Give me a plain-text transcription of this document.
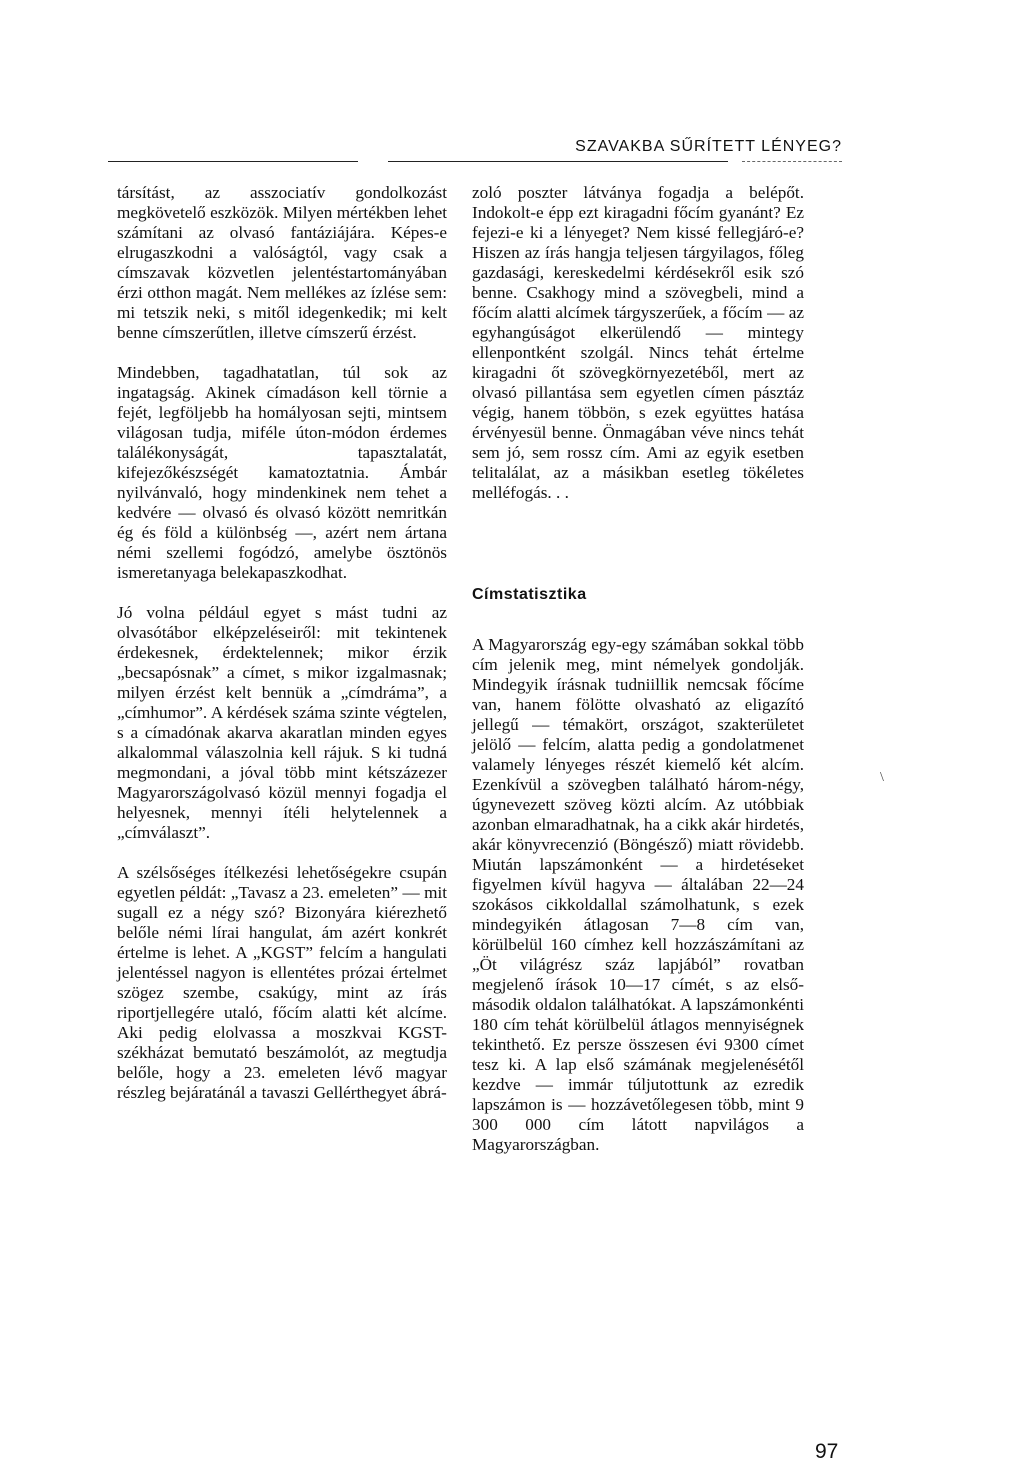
SZAVAKBA SŰRÍTETT LÉNYEG?

társítást, az asszociatív gondolkozást megkövetelő eszközök. Milyen mértékben lehet számítani az olvasó fantáziájára. Képes-e elrugaszkodni a valóságtól, vagy csak a címszavak közvetlen jelentéstartományában érzi otthon magát. Nem mellékes az ízlése sem: mi tetszik neki, s mitől idegenkedik; mi kelt benne címszerűtlen, illetve címszerű érzést.

Mindebben, tagadhatatlan, túl sok az ingatagság. Akinek címadáson kell törnie a fejét, legföljebb ha homályosan sejti, mintsem világosan tudja, miféle úton-módon érdemes találékonyságát, tapasztalatát, kifejezőkészségét kamatoztatnia. Ámbár nyilvánvaló, hogy mindenkinek nem tehet a kedvére — olvasó és olvasó között nemritkán ég és föld a különbség —, azért nem ártana némi szellemi fogódzó, amelybe ösztönös ismeretanyaga belekapaszkodhat.

Jó volna például egyet s mást tudni az olvasótábor elképzeléseiről: mit tekintenek érdekesnek, érdektelennek; mikor érzik „becsapósnak” a címet, s mikor izgalmasnak; milyen érzést kelt bennük a „címdráma”, a „címhumor”. A kérdések száma szinte végtelen, s a címadónak akarva akaratlan minden egyes alkalommal válaszolnia kell rájuk. S ki tudná megmondani, a jóval több mint kétszázezer Magyarországolvasó közül mennyi fogadja el helyesnek, mennyi ítéli helytelennek a „címválaszt”.

A szélsőséges ítélkezési lehetőségekre csupán egyetlen példát: „Tavasz a 23. emeleten” — mit sugall ez a négy szó? Bizonyára kiérezhető belőle némi lírai hangulat, ám azért konkrét értelme is lehet. A „KGST” felcím a hangulati jelentéssel nagyon is ellentétes prózai értelmet szögez szembe, csakúgy, mint az írás riportjellegére utaló, főcím alatti két alcíme. Aki pedig elolvassa a moszkvai KGST-székházat bemutató beszámolót, az megtudja belőle, hogy a 23. emeleten lévő magyar részleg bejáratánál a tavaszi Gellérthegyet ábrá-

zoló poszter látványa fogadja a belépőt. Indokolt-e épp ezt kiragadni főcím gyanánt? Ez fejezi-e ki a lényeget? Nem kissé fellegjáró-e? Hiszen az írás hangja teljesen tárgyilagos, főleg gazdasági, kereskedelmi kérdésekről esik szó benne. Csakhogy mind a szövegbeli, mind a főcím alatti alcímek tárgyszerűek, a főcím — az egyhangúságot elkerülendő — mintegy ellenpontként szolgál. Nincs tehát értelme kiragadni őt szövegkörnyezetéből, mert az olvasó pillantása sem egyetlen címen pásztáz végig, hanem többön, s ezek együttes hatása érvényesül benne. Önmagában véve nincs tehát sem jó, sem rossz cím. Ami az egyik esetben telitalálat, az a másikban esetleg tökéletes melléfogás. . .

Címstatisztika

A Magyarország egy-egy számában sokkal több cím jelenik meg, mint némelyek gondolják. Mindegyik írásnak tudniillik nemcsak főcíme van, hanem fölötte olvasható az eligazító jellegű — témakört, országot, szakterületet jelölő — felcím, alatta pedig a gondolatmenet valamely lényeges részét kiemelő két alcím. Ezenkívül a szövegben található három-négy, úgynevezett szöveg közti alcím. Az utóbbiak azonban elmaradhatnak, ha a cikk akár hirdetés, akár könyvrecenzió (Böngésző) miatt rövidebb. Miután lapszámonként — a hirdetéseket figyelmen kívül hagyva — általában 22—24 szokásos cikkoldallal számolhatunk, s ezek mindegyikén átlagosan 7—8 cím van, körülbelül 160 címhez kell hozzászámítani az „Öt világrész száz lapjából” rovatban megjelenő írások 10—17 címét, s az első-második oldalon találhatókat. A lapszámonkénti 180 cím tehát körülbelül átlagos mennyiségnek tekinthető. Ez persze összesen évi 9300 címet tesz ki. A lap első számának megjelenésétől kezdve — immár túljutottunk az ezredik lapszámon is — hozzávetőlegesen több, mint 9 300 000 cím látott napvilágos a Magyarországban.

\
97
